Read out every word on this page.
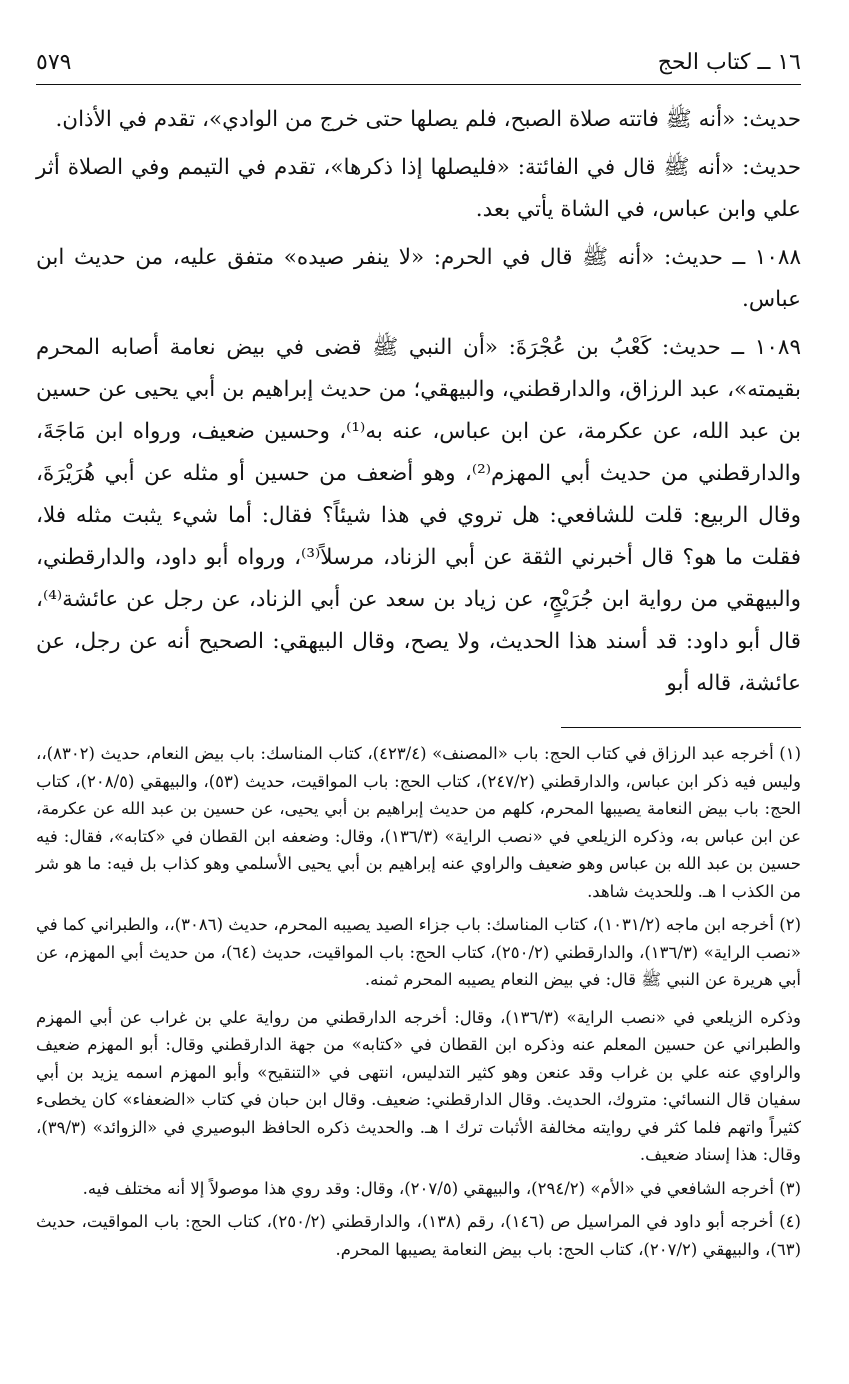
١٦ ــ كتاب الحج
٥٧٩

حديث: «أنه ﷺ فاتته صلاة الصبح، فلم يصلها حتى خرج من الوادي»، تقدم في الأذان.

حديث: «أنه ﷺ قال في الفائتة: «فليصلها إذا ذكرها»، تقدم في التيمم وفي الصلاة أثر علي وابن عباس، في الشاة يأتي بعد.

١٠٨٨ ــ حديث: «أنه ﷺ قال في الحرم: «لا ينفر صيده» متفق عليه، من حديث ابن عباس.

١٠٨٩ ــ حديث: كَعْبُ بن عُجْرَةَ: «أن النبي ﷺ قضى في بيض نعامة أصابه المحرم بقيمته»، عبد الرزاق، والدارقطني، والبيهقي؛ من حديث إبراهيم بن أبي يحيى عن حسين بن عبد الله، عن عكرمة، عن ابن عباس، عنه به⁽¹⁾، وحسين ضعيف، ورواه ابن مَاجَةَ، والدارقطني من حديث أبي المهزم⁽²⁾، وهو أضعف من حسين أو مثله عن أبي هُرَيْرَةَ، وقال الربيع: قلت للشافعي: هل تروي في هذا شيئاً؟ فقال: أما شيء يثبت مثله فلا، فقلت ما هو؟ قال أخبرني الثقة عن أبي الزناد، مرسلاً⁽³⁾، ورواه أبو داود، والدارقطني، والبيهقي من رواية ابن جُرَيْجٍ، عن زياد بن سعد عن أبي الزناد، عن رجل عن عائشة⁽⁴⁾، قال أبو داود: قد أسند هذا الحديث، ولا يصح، وقال البيهقي: الصحيح أنه عن رجل، عن عائشة، قاله أبو

(١) أخرجه عبد الرزاق في كتاب الحج: باب «المصنف» (٤٢٣/٤)، كتاب المناسك: باب بيض النعام، حديث (٨٣٠٢)،، وليس فيه ذكر ابن عباس، والدارقطني (٢٤٧/٢)، كتاب الحج: باب المواقيت، حديث (٥٣)، والبيهقي (٢٠٨/٥)، كتاب الحج: باب بيض النعامة يصيبها المحرم، كلهم من حديث إبراهيم بن أبي يحيى، عن حسين بن عبد الله عن عكرمة، عن ابن عباس به، وذكره الزيلعي في «نصب الراية» (١٣٦/٣)، وقال: وضعفه ابن القطان في «كتابه»، فقال: فيه حسين بن عبد الله بن عباس وهو ضعيف والراوي عنه إبراهيم بن أبي يحيى الأسلمي وهو كذاب بل فيه: ما هو شر من الكذب ا هـ. وللحديث شاهد.

(٢) أخرجه ابن ماجه (١٠٣١/٢)، كتاب المناسك: باب جزاء الصيد يصيبه المحرم، حديث (٣٠٨٦)،، والطبراني كما في «نصب الراية» (١٣٦/٣)، والدارقطني (٢٥٠/٢)، كتاب الحج: باب المواقيت، حديث (٦٤)، من حديث أبي المهزم، عن أبي هريرة عن النبي ﷺ قال: في بيض النعام يصيبه المحرم ثمنه.

وذكره الزيلعي في «نصب الراية» (١٣٦/٣)، وقال: أخرجه الدارقطني من رواية علي بن غراب عن أبي المهزم والطبراني عن حسين المعلم عنه وذكره ابن القطان في «كتابه» من جهة الدارقطني وقال: أبو المهزم ضعيف والراوي عنه علي بن غراب وقد عنعن وهو كثير التدليس، انتهى في «التنقيح» وأبو المهزم اسمه يزيد بن أبي سفيان قال النسائي: متروك، الحديث. وقال الدارقطني: ضعيف. وقال ابن حبان في كتاب «الضعفاء» كان يخطىء كثيراً واتهم فلما كثر في روايته مخالفة الأثبات ترك ا هـ. والحديث ذكره الحافظ البوصيري في «الزوائد» (٣٩/٣)، وقال: هذا إسناد ضعيف.

(٣) أخرجه الشافعي في «الأم» (٢٩٤/٢)، والبيهقي (٢٠٧/٥)، وقال: وقد روي هذا موصولاً إلا أنه مختلف فيه.

(٤) أخرجه أبو داود في المراسيل ص (١٤٦)، رقم (١٣٨)، والدارقطني (٢٥٠/٢)، كتاب الحج: باب المواقيت، حديث (٦٣)، والبيهقي (٢٠٧/٢)، كتاب الحج: باب بيض النعامة يصيبها المحرم.
